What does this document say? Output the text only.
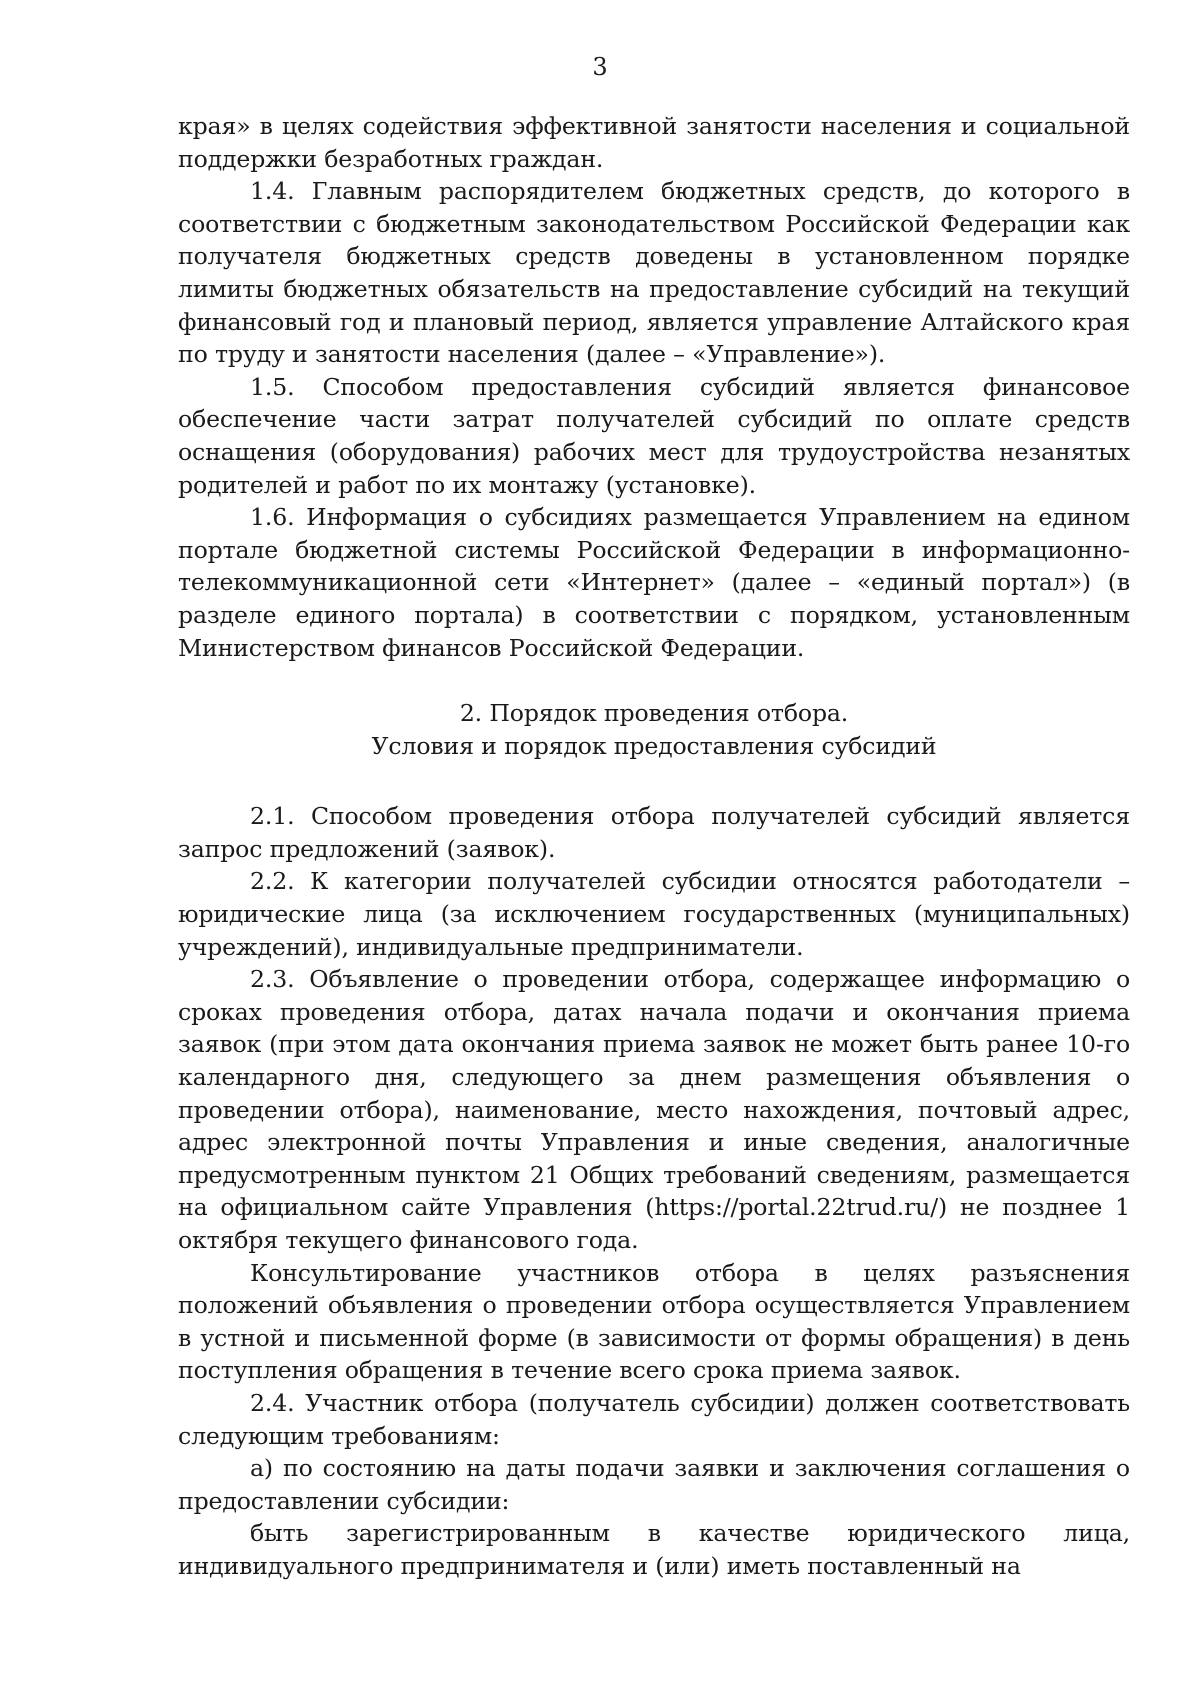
3

края» в целях содействия эффективной занятости населения и социальной поддержки безработных граждан.

1.4. Главным распорядителем бюджетных средств, до которого в соответствии с бюджетным законодательством Российской Федерации как получателя бюджетных средств доведены в установленном порядке лимиты бюджетных обязательств на предоставление субсидий на текущий финансовый год и плановый период, является управление Алтайского края по труду и занятости населения (далее – «Управление»).

1.5. Способом предоставления субсидий является финансовое обеспечение части затрат получателей субсидий по оплате средств оснащения (оборудования) рабочих мест для трудоустройства незанятых родителей и работ по их монтажу (установке).

1.6. Информация о субсидиях размещается Управлением на едином портале бюджетной системы Российской Федерации в информационно-телекоммуникационной сети «Интернет» (далее – «единый портал») (в разделе единого портала) в соответствии с порядком, установленным Министерством финансов Российской Федерации.

2. Порядок проведения отбора.
Условия и порядок предоставления субсидий

2.1. Способом проведения отбора получателей субсидий является запрос предложений (заявок).

2.2. К категории получателей субсидии относятся работодатели – юридические лица (за исключением государственных (муниципальных) учреждений), индивидуальные предприниматели.

2.3. Объявление о проведении отбора, содержащее информацию о сроках проведения отбора, датах начала подачи и окончания приема заявок (при этом дата окончания приема заявок не может быть ранее 10-го календарного дня, следующего за днем размещения объявления о проведении отбора), наименование, место нахождения, почтовый адрес, адрес электронной почты Управления и иные сведения, аналогичные предусмотренным пунктом 21 Общих требований сведениям, размещается на официальном сайте Управления (https://portal.22trud.ru/) не позднее 1 октября текущего финансового года.

Консультирование участников отбора в целях разъяснения положений объявления о проведении отбора осуществляется Управлением в устной и письменной форме (в зависимости от формы обращения) в день поступления обращения в течение всего срока приема заявок.

2.4. Участник отбора (получатель субсидии) должен соответствовать следующим требованиям:

а) по состоянию на даты подачи заявки и заключения соглашения о предоставлении субсидии:

быть зарегистрированным в качестве юридического лица, индивидуального предпринимателя и (или) иметь поставленный на
